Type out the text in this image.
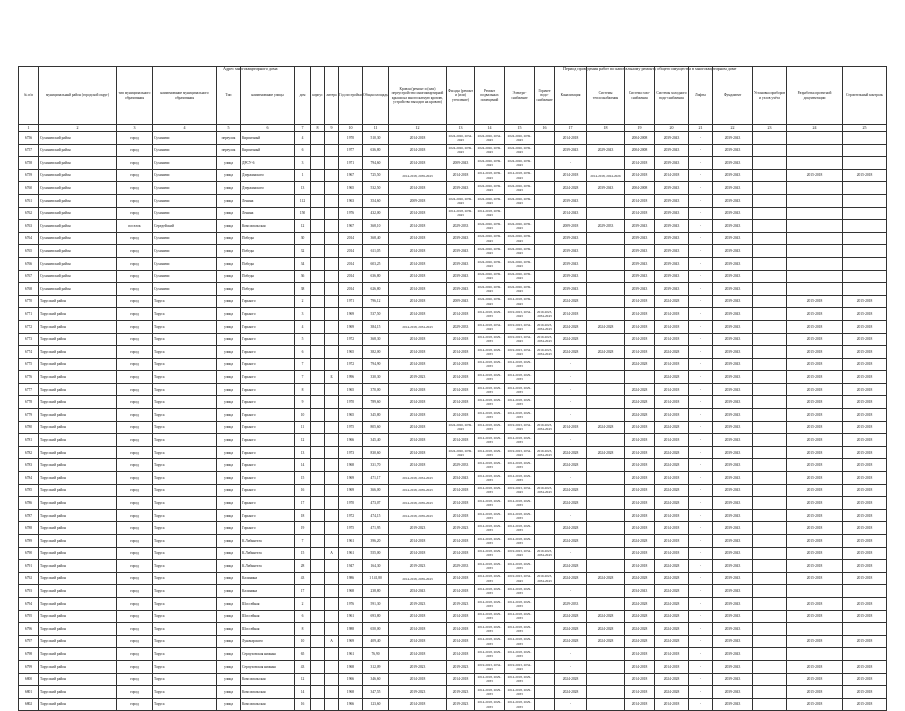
Адрес многоквартирного дома	Период проведения работ по капитальному ремонту общего имущества в многоквартирном доме
№ п/п	муниципальный район (городской округ)	тип муниципального образования	наименование муниципального образования	Тип	наименование улицы	дом	корпус	литера	Год постройки	Общая площадь	Кровля (ремонт и (или) переустройство многоквартирной крыши на многоскатную кровлю, устройство выходов на кровлю)	Фасады (ремонт и (или) утепление)	Ремонт подвальных помещений	Электро-снабжение	Горячее водо-снабжение	Канализация	Системы теплоснабжения	Система газо-снабжения	Системы холодного водо-снабжения	Лифты	Фундамент	Установка приборов и узлов учёта	Разработка проектной документации	Строительный контроль
1	2	3	4	5	6	7	8	9	10	11	12	13	14	15	16	17	18	19	20	21	22	23	24	25
6756	Сухиничский район	город	Сухиничи	переулок	Кирпичный	4			1970	510,30	2014-2018	2024-2026, 2034-2043	2024-2026, 2034-2043	2024-2026, 2039-2043		2014-2018		2004-2008	2039-2043	-	2039-2043			
6757	Сухиничский район	город	Сухиничи	переулок	Кирпичный	6			1977	636,80	2014-2018	2024-2026, 2039-2043	2024-2026, 2039-2043	2024-2026, 2039-2043		2039-2043	2029-2043	2004-2008	2039-2043	-	2039-2043			
6758	Сухиничский район	город	Сухиничи	улица	ДРСУ-6	3			1971	794,60	2014-2018	2009-2043	2024-2026, 2039-2043	2024-2026, 2039-2043		-		2014-2018	2039-2043	-	2039-2043			
6759	Сухиничский район	город	Сухиничи	улица	Дзержинского	1			1967	725,50	2014-2018, 2039-2043	2014-2018	2014-2018, 2039-2043	2014-2018, 2039-2043		2014-2018	2014-2018, 2024-2026	2014-2018	2014-2018	-	2039-2043		2015-2018	2015-2018
6760	Сухиничский район	город	Сухиничи	улица	Дзержинского	13			1965	532,50	2014-2018	2039-2043	2024-2026, 2039-2043	2024-2026, 2039-2043		2024-2028	2039-2043	2004-2008	2039-2043	-	2039-2043			
6761	Сухиничский район	город	Сухиничи	улица	Ленина	112			1963	354,60	2009-2018	2024-2026, 2039-2043	2024-2026, 2039-2043	2024-2026, 2039-2043		2039-2043		2014-2018	2039-2043	-	2039-2043			
6762	Сухиничский район	город	Сухиничи	улица	Ленина	150			1976	432,00	2014-2018	2014-2018, 2039-2043	2014-2018, 2039-2043			2014-2043		2014-2018	2039-2043	-	2039-2043			
6763	Сухиничский район	поселок	Середейский	улица	Комсомольская	12			1967	368,10	2014-2018	2029-2033	2024-2026, 2039-2043	2024-2026, 2039-2043		2009-2018	2029-2033	2039-2043	2039-2043	-	2039-2043			
6764	Сухиничский район	город	Сухиничи	улица	Победы	30			2014	368,40	2014-2018	2039-2043	2024-2026, 2039-2043	2024-2026, 2039-2043		2039-2043		2039-2043	2039-2043	-	2039-2043			
6765	Сухиничский район	город	Сухиничи	улица	Победы	32			2014	611,05	2014-2018	2039-2043	2024-2026, 2039-2043	2024-2026, 2039-2043		2039-2043		2039-2043	2039-2043	-	2039-2043			
6766	Сухиничский район	город	Сухиничи	улица	Победы	34			2014	603,25	2014-2018	2039-2043	2024-2026, 2039-2043	2024-2026, 2039-2043		2039-2043		2039-2043	2039-2043	-	2039-2043			
6767	Сухиничский район	город	Сухиничи	улица	Победы	36			2014	636,80	2014-2018	2039-2043	2024-2026, 2039-2043	2024-2026, 2039-2043		2039-2043		2039-2043	2039-2043	-	2039-2043			
6768	Сухиничский район	город	Сухиничи	улица	Победы	38			2014	626,80	2014-2018	2039-2043	2024-2026, 2039-2043	2024-2026, 2039-2043		2039-2043		2039-2043	2039-2043	-	2039-2043			
6770	Тарусский район	город	Таруса	улица	Горького	2			1971	796,12	2014-2018	2009-2043	2024-2026, 2039-2043	2014-2018, 2039-2043		2024-2028		2014-2018	2024-2028	-	2039-2043		2015-2018	2015-2018
6771	Тарусский район	город	Таруса	улица	Горького	3			1969	537,50	2014-2018	2014-2018	2014-2018, 2029-2033	2019-2023, 2034-2043	2019-2023, 2034-2043	2014-2018		2014-2018	2014-2018	-	2039-2043		2015-2018	2015-2018
6772	Тарусский район	город	Таруса	улица	Горького	4			1969	384,15	2014-2018, 2034-2043	2029-2033	2014-2018, 2034-2043	2019-2023, 2034-2043	2019-2023, 2034-2043	2024-2028	2024-2028	2014-2018	2014-2018	-	2039-2043		2015-2018	2015-2018
6773	Тарусский район	город	Таруса	улица	Горького	5			1972	368,30	2014-2018	2014-2018	2014-2018, 2029-2033	2019-2023, 2034-2043	2019-2023, 2034-2043	2024-2028		2014-2018	2014-2018	-	2039-2043		2015-2018	2015-2018
6774	Тарусский район	город	Таруса	улица	Горького	6			1965	382,00	2014-2018	2014-2018	2014-2018, 2029-2033	2019-2023, 2034-2043	2019-2023, 2034-2043	2024-2028	2024-2028	2014-2018	2024-2028	-	2039-2043		2015-2018	2015-2018
6775	Тарусский район	город	Таруса	улица	Горького	7			1972	794,90	2014-2018	2014-2018	2014-2018, 2029-2033	2014-2018, 2029-2033		-		2024-2028	2014-2018	-	2039-2043		2015-2018	2015-2018
6776	Тарусский район	город	Таруса	улица	Горького	7		Б	1996	330,30	2019-2023	2014-2018	2014-2018, 2029-2033	2014-2018, 2029-2033		-			2024-2028	-	2039-2043		2015-2018	2015-2018
6777	Тарусский район	город	Таруса	улица	Горького	8			1965	370,00	2014-2018	2014-2018	2014-2018, 2029-2033	2014-2018, 2029-2033		-		2024-2028	2014-2018	-	2039-2043		2015-2018	2015-2018
6778	Тарусский район	город	Таруса	улица	Горького	9			1970	789,60	2014-2018	2014-2018	2014-2018, 2029-2033	2014-2018, 2029-2033		-		2024-2028	2014-2018	-	2039-2043		2015-2018	2015-2018
6779	Тарусский район	город	Таруса	улица	Горького	10			1965	345,80	2014-2018	2014-2018	2014-2018, 2029-2033	2014-2018, 2029-2033		-		2024-2028	2014-2018	-	2039-2043		2015-2018	2015-2018
6780	Тарусский район	город	Таруса	улица	Горького	11			1975	805,60	2014-2018	2024-2026, 2039-2043	2014-2018, 2029-2033	2019-2023, 2034-2043	2019-2023, 2034-2043	2014-2018	2024-2028	2014-2018	2024-2028	-	2039-2043		2015-2018	2015-2018
6781	Тарусский район	город	Таруса	улица	Горького	12			1966	345,40	2014-2018	2014-2018	2014-2018, 2029-2033	2014-2018, 2029-2033		-		2014-2018	2014-2018	-	2039-2043		2015-2018	2015-2018
6782	Тарусский район	город	Таруса	улица	Горького	13			1973	830,60	2014-2018	2024-2026, 2039-2043	2014-2018, 2029-2033	2019-2023, 2034-2043	2019-2023, 2034-2043	2024-2028	2024-2028	2014-2018	2024-2028	-	2039-2043		2015-2018	2015-2018
6783	Тарусский район	город	Таруса	улица	Горького	14			1968	331,70	2014-2018	2029-2033	2014-2018, 2029-2033	2014-2018, 2029-2033		2024-2028		2014-2018	2024-2028	-	2039-2043		2015-2018	2015-2018
6784	Тарусский район	город	Таруса	улица	Горького	15			1969	471,17	2014-2018, 2034-2043	2034-2043	2014-2018, 2029-2033	2014-2018, 2029-2033		-		2014-2018	2014-2018	-	2039-2043		2015-2018	2015-2018
6785	Тарусский район	город	Таруса	улица	Горького	16			1969	366,00	2014-2018, 2039-2043	2014-2018	2014-2018, 2029-2033	2019-2023, 2034-2043	2019-2023, 2034-2043	2024-2028		2014-2018	2024-2028	-	2039-2043		2015-2018	2015-2018
6786	Тарусский район	город	Таруса	улица	Горького	17			1970	473,07	2014-2018, 2039-2043	2014-2018	2014-2018, 2029-2033	2014-2018, 2029-2033		2024-2028		2014-2018	2024-2028	-	2039-2043		2015-2018	2015-2018
6787	Тарусский район	город	Таруса	улица	Горького	18			1972	474,15	2014-2018, 2039-2043	2014-2018	2014-2018, 2029-2033	2014-2018, 2029-2033		-		2014-2018	2014-2018	-	2039-2043		2015-2018	2015-2018
6788	Тарусский район	город	Таруса	улица	Горького	19			1975	471,95	2019-2023	2019-2023	2014-2018, 2029-2033	2014-2018, 2029-2033		2024-2028		2014-2018	2014-2018	-	2039-2043		2015-2018	2015-2018
6789	Тарусский район	город	Таруса	улица	К.Либкнехта	7			1961	396,20	2014-2018	2014-2018	2014-2018, 2029-2033	2014-2018, 2029-2033		2024-2028		2024-2028	2014-2018	-	2039-2043		2015-2018	2015-2018
6790	Тарусский район	город	Таруса	улица	К.Либкнехта	15		А	1961	555,00	2014-2018	2014-2018	2014-2018, 2029-2033	2019-2023, 2034-2043	2019-2023, 2034-2043	-		2014-2018	2014-2018	-	2039-2043		2015-2018	2015-2018
6791	Тарусский район	город	Таруса	улица	К.Либкнехта	28			1947	164,30	2019-2023	2029-2033	2014-2018, 2029-2033	2014-2018, 2029-2033		2024-2028		2014-2018	2024-2028	-	2039-2043		2015-2018	2015-2018
6792	Тарусский район	город	Таруса	улица	Калинина	43			1986	1 141,80	2014-2018, 2039-2043	2014-2018	2014-2018, 2029-2033	2019-2023, 2034-2043	2019-2023, 2034-2043	2024-2028	2024-2028	2024-2028	2024-2028	-	2039-2043		2015-2018	2015-2018
6793	Тарусский район	город	Таруса	улица	Калинина	17			1968	238,80	2034-2043	2014-2018	2014-2018, 2029-2033	2014-2018, 2029-2033		-		2034-2043	2024-2028	-	2039-2043			
6794	Тарусский район	город	Таруса	улица	Шоссейная	2			1976	591,30	2019-2023	2019-2023	2014-2018, 2029-2033	2014-2018, 2029-2033		2029-2033		2024-2028	2024-2028	-	2039-2043		2015-2018	2015-2018
6795	Тарусский район	город	Таруса	улица	Шоссейная	6			1961	693,80	2014-2018	2014-2018	2014-2018, 2029-2033	2014-2018, 2029-2033		2024-2028	2024-2028	2024-2028	2024-2028	-	2039-2043		2015-2018	2015-2018
6796	Тарусский район	город	Таруса	улица	Шоссейная	8			1988	650,00	2014-2018	2014-2018	2014-2018, 2029-2033	2014-2018, 2029-2033		2024-2028	2024-2028	2024-2028	2024-2028	-	2039-2043			
6797	Тарусский район	город	Таруса	улица	Луначарского	10		А	1969	409,40	2014-2018	2014-2018	2014-2018, 2029-2033	2014-2018, 2029-2033		2024-2028	2024-2028	2024-2028	2024-2028	-	2039-2043		2015-2018	2015-2018
6798	Тарусский район	город	Таруса	улица	Серпуховская нижняя	65			1961	76,90	2014-2018	2014-2018	2014-2018, 2029-2033	2014-2018, 2029-2033		-		2014-2018	2014-2018	-	2039-2043			
6799	Тарусский район	город	Таруса	улица	Серпуховская нижняя	43			1968	312,09	2019-2023	2019-2023	2019-2023, 2034-2043	2019-2023, 2034-2043		-		2014-2018	2014-2018	-	2039-2043		2015-2018	2015-2018
6800	Тарусский район	город	Таруса	улица	Комсомольская	12			1966	346,60	2014-2018	2014-2018	2014-2018, 2029-2033	2014-2018, 2029-2033		2024-2028		2014-2018	2024-2028	-	2039-2043		2015-2018	2015-2018
6801	Тарусский район	город	Таруса	улица	Комсомольская	14			1968	347,55	2019-2023	2019-2023	2014-2018, 2029-2033	2014-2018, 2029-2033		2024-2028		2014-2018	2024-2028	-	2039-2043		2015-2018	2015-2018
6802	Тарусский район	город	Таруса	улица	Комсомольская	16			1966	123,60	2014-2018	2019-2023	2014-2018, 2029-2033	2014-2018, 2029-2033		-		2014-2018	2014-2018	-	2039-2043		2015-2018	2015-2018
